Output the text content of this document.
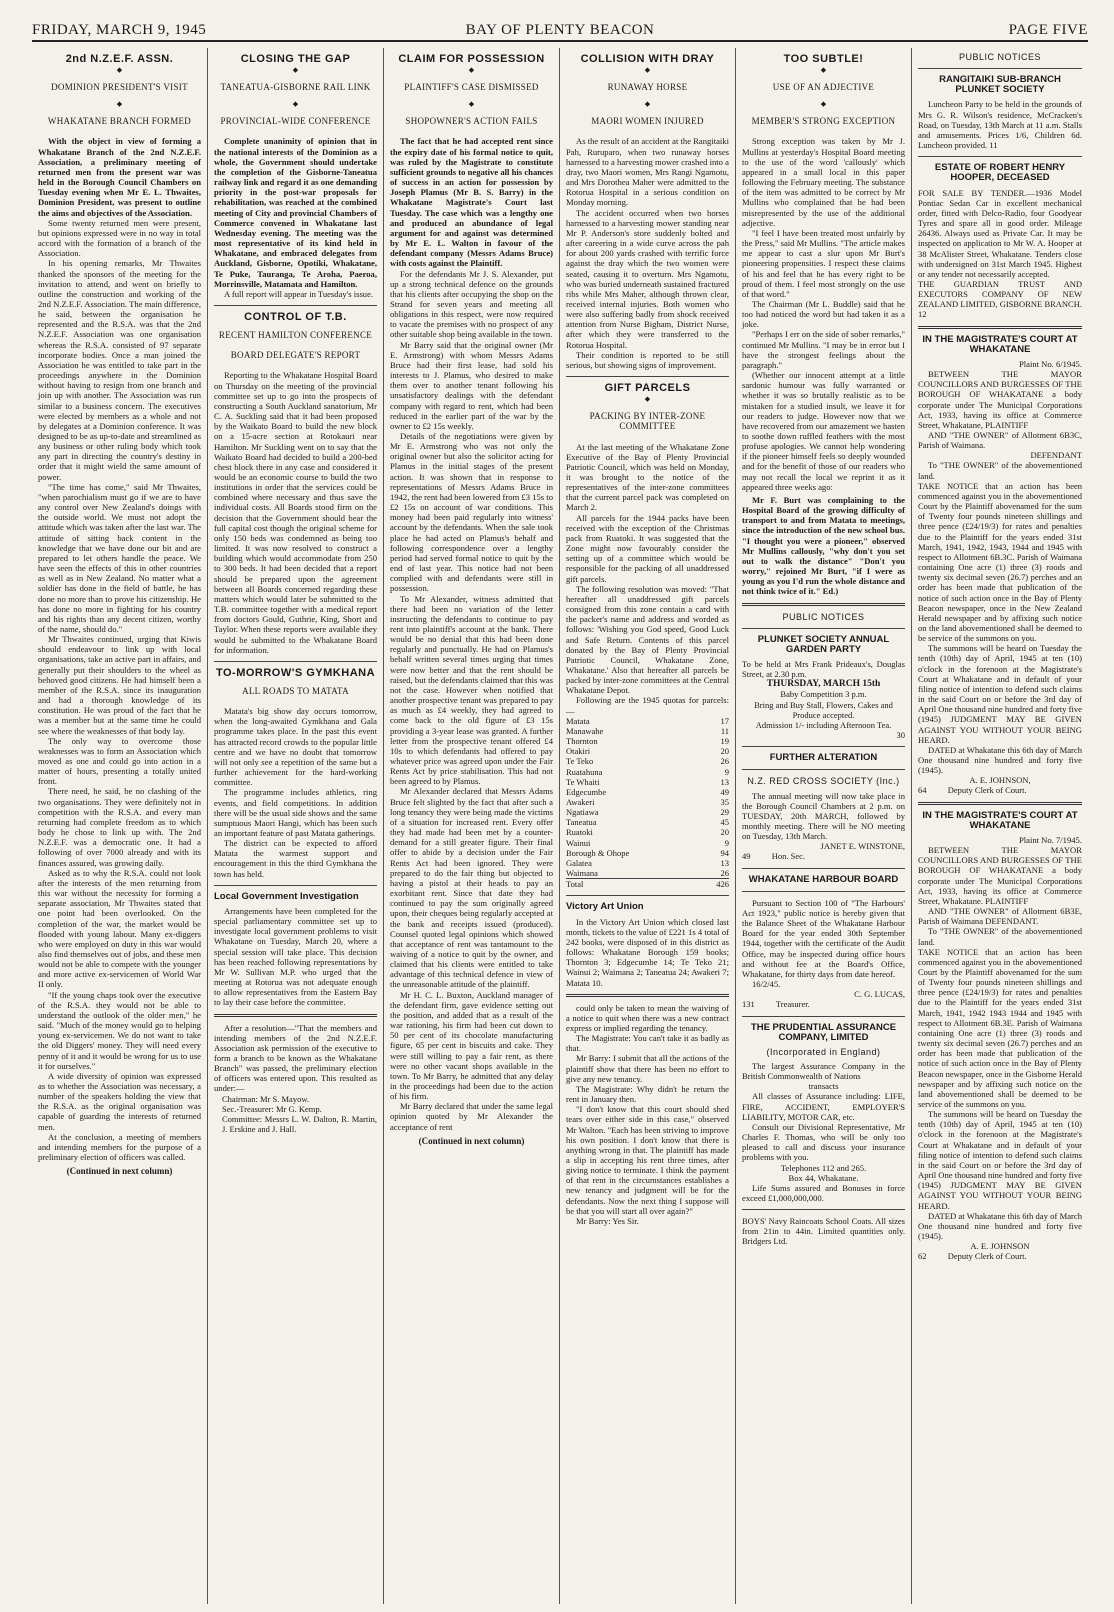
FRIDAY, MARCH 9, 1945	BAY OF PLENTY BEACON	PAGE FIVE
2nd N.Z.E.F. ASSN.
◆
DOMINION PRESIDENT'S VISIT
◆
WHAKATANE BRANCH FORMED

With the object in view of forming a Whakatane Branch of the 2nd N.Z.E.F. Association, a preliminary meeting of returned men from the present war was held in the Borough Council Chambers on Tuesday evening when Mr E. L. Thwaites, Dominion President, was present to outline the aims and objectives of the Association.

Some twenty returned men were present, but opinions expressed were in no way in total accord with the formation of a branch of the Association.

In his opening remarks, Mr Thwaites thanked the sponsors of the meeting for the invitation to attend, and went on briefly to outline the construction and working of the 2nd N.Z.E.F. Association. The main difference, he said, between the organisation he represented and the R.S.A. was that the 2nd N.Z.E.F. Association was one organisation whereas the R.S.A. consisted of 97 separate incorporate bodies. Once a man joined the Association he was entitled to take part in the proceedings anywhere in the Dominion without having to resign from one branch and join up with another. The Association was run similar to a business concern. The executives were elected by members as a whole and not by delegates at a Dominion conference. It was designed to be as up-to-date and streamlined as any business or other ruling body which took any part in directing the country's destiny in order that it might wield the same amount of power.

"The time has come," said Mr Thwaites, "when parochialism must go if we are to have any control over New Zealand's doings with the outside world. We must not adopt the attitude which was taken after the last war. The attitude of sitting back content in the knowledge that we have done our bit and are prepared to let others handle the peace. We have seen the effects of this in other countries as well as in New Zealand. No matter what a soldier has done in the field of battle, he has done no more than to prove his citizenship. He has done no more in fighting for his country and his rights than any decent citizen, worthy of the name, should do."

Mr Thwaites continued, urging that Kiwis should endeavour to link up with local organisations, take an active part in affairs, and generally put their shoulders to the wheel as behoved good citizens. He had himself been a member of the R.S.A. since its inauguration and had a thorough knowledge of its constitution. He was proud of the fact that he was a member but at the same time he could see where the weaknesses of that body lay.

The only way to overcome those weaknesses was to form an Association which moved as one and could go into action in a matter of hours, presenting a totally united front.

There need, he said, be no clashing of the two organisations. They were definitely not in competition with the R.S.A. and every man returning had complete freedom as to which body he chose to link up with. The 2nd N.Z.E.F. was a democratic one. It had a following of over 7000 already and with its finances assured, was growing daily.

Asked as to why the R.S.A. could not look after the interests of the men returning from this war without the necessity for forming a separate association, Mr Thwaites stated that one point had been overlooked. On the completion of the war, the market would be flooded with young labour. Many ex-diggers who were employed on duty in this war would also find themselves out of jobs, and these men would not be able to compete with the younger and more active ex-servicemen of World War II only.

"If the young chaps took over the executive of the R.S.A. they would not be able to understand the outlook of the older men," he said. "Much of the money would go to helping young ex-servicemen. We do not want to take the old Diggers' money. They will need every penny of it and it would be wrong for us to use it for ourselves."

A wide diversity of opinion was expressed as to whether the Association was necessary, a number of the speakers holding the view that the R.S.A. as the original organisation was capable of guarding the interests of returned men.

At the conclusion, a meeting of members and intending members for the purpose of a preliminary election of officers was called.

(Continued in next column)
CLOSING THE GAP
◆
TANEATUA-GISBORNE RAIL LINK
◆
PROVINCIAL-WIDE CONFERENCE

Complete unanimity of opinion that in the national interests of the Dominion as a whole, the Government should undertake the completion of the Gisborne-Taneatua railway link and regard it as one demanding priority in the post-war proposals for rehabilitation, was reached at the combined meeting of City and provincial Chambers of Commerce convened in Whakatane last Wednesday evening. The meeting was the most representative of its kind held in Whakatane, and embraced delegates from Auckland, Gisborne, Opotiki, Whakatane, Te Puke, Tauranga, Te Aroha, Paeroa, Morrinsville, Matamata and Hamilton.

A full report will appear in Tuesday's issue.

CONTROL OF T.B.
RECENT HAMILTON CONFERENCE
BOARD DELEGATE'S REPORT

Reporting to the Whakatane Hospital Board on Thursday on the meeting of the provincial committee set up to go into the prospects of constructing a South Auckland sanatorium, Mr C. A. Suckling said that it had been proposed by the Waikato Board to build the new block on a 15-acre section at Rotokauri near Hamilton. Mr Suckling went on to say that the Waikato Board had decided to build a 200-bed chest block there in any case and considered it would be an economic course to build the two institutions in order that the services could be combined where necessary and thus save the individual costs. All Boards stood firm on the decision that the Government should bear the full capital cost though the original scheme for only 150 beds was condemned as being too limited. It was now resolved to construct a building which would accommodate from 250 to 300 beds. It had been decided that a report should be prepared upon the agreement between all Boards concerned regarding these matters which would later be submitted to the T.B. committee together with a medical report from doctors Gould, Guthrie, King, Short and Taylor. When these reports were available they would be submitted to the Whakatane Board for information.

TO-MORROW'S GYMKHANA
ALL ROADS TO MATATA

Matata's big show day occurs tomorrow, when the long-awaited Gymkhana and Gala programme takes place. In the past this event has attracted record crowds to the popular little centre and we have no doubt that tomorrow will not only see a repetition of the same but a further achievement for the hard-working committee.

The programme includes athletics, ring events, and field competitions. In addition there will be the usual side shows and the same sumptuous Maori Hangi, which has been such an important feature of past Matata gatherings.

The district can be expected to afford Matata the warmest support and encouragement in this the third Gymkhana the town has held.

Local Government Investigation

Arrangements have been completed for the special parliamentary committee set up to investigate local government problems to visit Whakatane on Tuesday, March 20, where a special session will take place. This decision has been reached following representations by Mr W. Sullivan M.P. who urged that the meeting at Rotorua was not adequate enough to allow representatives from the Eastern Bay to lay their case before the committee.

After a resolution—"That the members and intending members of the 2nd N.Z.E.F. Association ask permission of the executive to form a branch to be known as the Whakatane Branch" was passed, the preliminary election of officers was entered upon. This resulted as under:—

Chairman: Mr S. Mayow.

Sec.-Treasurer: Mr G. Kemp.

Committee: Messrs L. W. Dalton, R. Martin, J. Erskine and J. Hall.

CLAIM FOR POSSESSION
◆
PLAINTIFF'S CASE DISMISSED
◆
SHOPOWNER'S ACTION FAILS

The fact that he had accepted rent since the expiry date of his formal notice to quit, was ruled by the Magistrate to constitute sufficient grounds to negative all his chances of success in an action for possession by Joseph Plamus (Mr B. S. Barry) in the Whakatane Magistrate's Court last Tuesday. The case which was a lengthy one and produced an abundance of legal argument for and against was determined by Mr E. L. Walton in favour of the defendant company (Messrs Adams Bruce) with costs against the Plaintiff.

For the defendants Mr J. S. Alexander, put up a strong technical defence on the grounds that his clients after occupying the shop on the Strand for seven years and meeting all obligations in this respect, were now required to vacate the premises with no prospect of any other suitable shop being available in the town.

Mr Barry said that the original owner (Mr E. Armstrong) with whom Messrs Adams Bruce had their first lease, had sold his interests to J. Plamus, who desired to make them over to another tenant following his unsatisfactory dealings with the defendant company with regard to rent, which had been reduced in the earlier part of the war by the owner to £2 15s weekly.

Details of the negotiations were given by Mr E. Armstrong who was not only the original owner but also the solicitor acting for Plamus in the initial stages of the present action. It was shown that in response to representations of Messrs Adams Bruce in 1942, the rent had been lowered from £3 15s to £2 15s on account of war conditions. This money had been paid regularly into witness' account by the defendants. When the sale took place he had acted on Plamus's behalf and following correspondence over a lengthy period had served formal notice to quit by the end of last year. This notice had not been complied with and defendants were still in possession.

To Mr Alexander, witness admitted that there had been no variation of the letter instructing the defendants to continue to pay rent into plaintiff's account at the bank. There would be no denial that this had been done regularly and punctually. He had on Plamus's behalf written several times urging that times were now better and that the rent should be raised, but the defendants claimed that this was not the case. However when notified that another prospective tenant was prepared to pay as much as £4 weekly, they had agreed to come back to the old figure of £3 15s providing a 3-year lease was granted. A further letter from the prospective tenant offered £4 10s to which defendants had offered to pay whatever price was agreed upon under the Fair Rents Act by price stabilisation. This had not been agreed to by Plamus.

Mr Alexander declared that Messrs Adams Bruce felt slighted by the fact that after such a long tenancy they were being made the victims of a situation for increased rent. Every offer they had made had been met by a counter-demand for a still greater figure. Their final offer to abide by a decision under the Fair Rents Act had been ignored. They were prepared to do the fair thing but objected to having a pistol at their heads to pay an exorbitant rent. Since that date they had continued to pay the sum originally agreed upon, their cheques being regularly accepted at the bank and receipts issued (produced). Counsel quoted legal opinions which showed that acceptance of rent was tantamount to the waiving of a notice to quit by the owner, and claimed that his clients were entitled to take advantage of this technical defence in view of the unreasonable attitude of the plaintiff.

Mr H. C. L. Buxton, Auckland manager of the defendant firm, gave evidence setting out the position, and added that as a result of the war rationing, his firm had been cut down to 50 per cent of its chocolate manufacturing figure, 65 per cent in biscuits and cake. They were still willing to pay a fair rent, as there were no other vacant shops available in the town. To Mr Barry, he admitted that any delay in the proceedings had been due to the action of his firm.

Mr Barry declared that under the same legal opinion quoted by Mr Alexander the acceptance of rent

(Continued in next column)
COLLISION WITH DRAY
◆
RUNAWAY HORSE
◆
MAORI WOMEN INJURED

As the result of an accident at the Rangitaiki Pah, Ruruparo, when two runaway horses harnessed to a harvesting mower crashed into a dray, two Maori women, Mrs Rangi Ngamotu, and Mrs Dorothea Maher were admitted to the Rotorua Hospital in a serious condition on Monday morning.

The accident occurred when two horses harnessed to a harvesting mower standing near Mr P. Anderson's store suddenly bolted and after careering in a wide curve across the pah for about 200 yards crashed with terrific force against the dray which the two women were seated, causing it to overturn. Mrs Ngamotu, who was buried underneath sustained fractured ribs while Mrs Maher, although thrown clear, received internal injuries. Both women who were also suffering badly from shock received attention from Nurse Bigham, District Nurse, after which they were transferred to the Rotorua Hospital.

Their condition is reported to be still serious, but showing signs of improvement.

GIFT PARCELS
◆
PACKING BY INTER-ZONE COMMITTEE

At the last meeting of the Whakatane Zone Executive of the Bay of Plenty Provincial Patriotic Council, which was held on Monday, it was brought to the notice of the representatives of the inter-zone committees that the current parcel pack was completed on March 2.

All parcels for the 1944 packs have been received with the exception of the Christmas pack from Ruatoki. It was suggested that the Zone might now favourably consider the setting up of a committee which would be responsible for the packing of all unaddressed gift parcels.

The following resolution was moved: "That hereafter all unaddressed gift parcels consigned from this zone contain a card with the packer's name and address and worded as follows: 'Wishing you God speed, Good Luck and Safe Return. Contents of this parcel donated by the Bay of Plenty Provincial Patriotic Council, Whakatane Zone, Whakatane.' Also that hereafter all parcels be packed by inter-zone committees at the Central Whakatane Depot.

Following are the 1945 quotas for parcels:—

Matata	17
Manawahe	11
Thornton	19
Otakiri	20
Te Teko	26
Ruatahuna	9
Te Whaiti	13
Edgecumbe	49
Awakeri	35
Ngatiawa	29
Taneatua	45
Ruatoki	20
Wainui	9
Borough & Ohope	94
Galatea	13
Waimana	26
Total	426
Victory Art Union

In the Victory Art Union which closed last month, tickets to the value of £221 1s 4 total of 242 books, were disposed of in this district as follows: Whakatane Borough 159 books; Thornton 3; Edgecumbe 14; Te Teko 21; Wainui 2; Waimana 2; Taneatua 24; Awakeri 7; Matata 10.

could only be taken to mean the waiving of a notice to quit when there was a new contract express or implied regarding the tenancy.

The Magistrate: You can't take it as badly as that.

Mr Barry: I submit that all the actions of the plaintiff show that there has been no effort to give any new tenancy.

The Magistrate: Why didn't he return the rent in January then.

"I don't know that this court should shed tears over either side in this case," observed Mr Walton. "Each has been striving to improve his own position. I don't know that there is anything wrong in that. The plaintiff has made a slip in accepting his rent three times, after giving notice to terminate. I think the payment of that rent in the circumstances establishes a new tenancy and judgment will be for the defendants. Now the next thing I suppose will be that you will start all over again?"

Mr Barry: Yes Sir.

TOO SUBTLE!
◆
USE OF AN ADJECTIVE
◆
MEMBER'S STRONG EXCEPTION

Strong exception was taken by Mr J. Mullins at yesterday's Hospital Board meeting to the use of the word 'callously' which appeared in a small local in this paper following the February meeting. The substance of the item was admitted to be correct by Mr Mullins who complained that he had been misrepresented by the use of the additional adjective.

"I feel I have been treated most unfairly by the Press," said Mr Mullins. "The article makes me appear to cast a slur upon Mr Burt's pioneering propensities. I respect these claims of his and feel that he has every right to be proud of them. I feel most strongly on the use of that word."

The Chairman (Mr L. Buddle) said that he too had noticed the word but had taken it as a joke.

"Perhaps I err on the side of sober remarks," continued Mr Mullins. "I may be in error but I have the strongest feelings about the paragraph."

(Whether our innocent attempt at a little sardonic humour was fully warranted or whether it was so brutally realistic as to be mistaken for a studied insult, we leave it for our readers to judge. However now that we have recovered from our amazement we hasten to soothe down ruffled feathers with the most profuse apologies. We cannot help wondering if the pioneer himself feels so deeply wounded and for the benefit of those of our readers who may not recall the local we reprint it as it appeared three weeks ago:

Mr F. Burt was complaining to the Hospital Board of the growing difficulty of transport to and from Matata to meetings, since the introduction of the new school bus. "I thought you were a pioneer," observed Mr Mullins callously, "why don't you set out to walk the distance" "Don't you worry," rejoined Mr Burt, "if I were as young as you I'd run the whole distance and not think twice of it." Ed.)

PUBLIC NOTICES
PLUNKET SOCIETY ANNUAL GARDEN PARTY

To be held at Mrs Frank Prideaux's, Douglas Street, at 2.30 p.m.

THURSDAY, MARCH 15th

Baby Competition 3 p.m.

Bring and Buy Stall, Flowers, Cakes and Produce accepted.

Admission 1/- including Afternoon Tea.

30

FURTHER ALTERATION
N.Z. RED CROSS SOCIETY (Inc.)

The annual meeting will now take place in the Borough Council Chambers at 2 p.m. on TUESDAY, 20th MARCH, followed by monthly meeting. There will be NO meeting on Tuesday, 13th March.

JANET E. WINSTONE,

49          Hon. Sec.

WHAKATANE HARBOUR BOARD

Pursuant to Section 100 of "The Harbours' Act 1923," public notice is hereby given that the Balance Sheet of the Whakatane Harbour Board for the year ended 30th September 1944, together with the certificate of the Audit Office, may be inspected during office hours and without fee at the Board's Office, Whakatane, for thirty days from date hereof.

16/2/45.

C. G. LUCAS,

131          Treasurer.

THE PRUDENTIAL ASSURANCE COMPANY, LIMITED
(Incorporated in England)

The largest Assurance Company in the British Commonwealth of Nations

transacts

All classes of Assurance including: LIFE, FIRE, ACCIDENT, EMPLOYER'S LIABILITY, MOTOR CAR, etc.

Consult our Divisional Representative, Mr Charles F. Thomas, who will be only too pleased to call and discuss your insurance problems with you.

Telephones 112 and 265.

Box 44, Whakatane.

Life Sums assured and Bonuses in force exceed £1,000,000,000.

BOYS' Navy Raincoats School Coats. All sizes from 21in to 44in. Limited quantities only. Bridgers Ltd.

PUBLIC NOTICES
RANGITAIKI SUB-BRANCH PLUNKET SOCIETY

Luncheon Party to be held in the grounds of Mrs G. R. Wilson's residence, McCracken's Road, on Tuesday, 13th March at 11 a.m. Stalls and amusements. Prices 1/6, Children 6d. Luncheon provided. 11

ESTATE OF ROBERT HENRY HOOPER, DECEASED

FOR SALE BY TENDER.—1936 Model Pontiac Sedan Car in excellent mechanical order, fitted with Delco-Radio, four Goodyear Tyres and spare all in good order. Mileage 26436. Always used as Private Car. It may be inspected on application to Mr W. A. Hooper at 38 McAlister Street, Whakatane. Tenders close with undersigned on 31st March 1945. Highest or any tender not necessarily accepted.

THE GUARDIAN TRUST AND EXECUTORS COMPANY OF NEW ZEALAND LIMITED, GISBORNE BRANCH. 12

IN THE MAGISTRATE'S COURT AT WHAKATANE

Plaint No. 6/1945.

BETWEEN THE MAYOR COUNCILLORS AND BURGESSES OF THE BOROUGH OF WHAKATANE a body corporate under The Municipal Corporations Act, 1933, having its office at Commerce Street, Whakatane, PLAINTIFF

AND "THE OWNER" of Allotment 6B3C, Parish of Waimana.

DEFENDANT

To "THE OWNER" of the abovementioned land.

TAKE NOTICE that an action has been commenced against you in the abovementioned Court by the Plaintiff abovenamed for the sum of Twenty four pounds nineteen shillings and three pence (£24/19/3) for rates and penalties due to the Plaintiff for the years ended 31st March, 1941, 1942, 1943, 1944 and 1945 with respect to Allotment 6B.3C. Parish of Waimana containing One acre (1) three (3) roods and twenty six decimal seven (26.7) perches and an order has been made that publication of the notice of such action once in the Bay of Plenty Beacon newspaper, once in the New Zealand Herald newspaper and by affixing such notice on the land abovementioned shall be deemed to be service of the summons on you.

The summons will be heard on Tuesday the tenth (10th) day of April, 1945 at ten (10) o'clock in the forenoon at the Magistrate's Court at Whakatane and in default of your filing notice of intention to defend such claims in the said Court on or before the 3rd day of April One thousand nine hundred and forty five (1945) JUDGMENT MAY BE GIVEN AGAINST YOU WITHOUT YOUR BEING HEARD.

DATED at Whakatane this 6th day of March One thousand nine hundred and forty five (1945).

A. E. JOHNSON,

64          Deputy Clerk of Court.

IN THE MAGISTRATE'S COURT AT WHAKATANE

Plaint No. 7/1945.

BETWEEN THE MAYOR COUNCILLORS AND BURGESSES OF THE BOROUGH OF WHAKATANE a body corporate under The Municipal Corporations Act, 1933, having its office at Commerce Street, Whakatane. PLAINTIFF

AND "THE OWNER" of Allotment 6B3E, Parish of Waimana DEFENDANT.

To "THE OWNER" of the abovementioned land.

TAKE NOTICE that an action has been commenced against you in the abovementioned Court by the Plaintiff abovenamed for the sum of Twenty four pounds nineteen shillings and three pence (£24/19/3) for rates and penalties due to the Plaintiff for the years ended 31st March, 1941, 1942 1943 1944 and 1945 with respect to Allotment 6B.3E. Parish of Waimana containing One acre (1) three (3) roods and twenty six decimal seven (26.7) perches and an order has been made that publication of the notice of such action once in the Bay of Plenty Beacon newspaper, once in the Gisborne Herald newspaper and by affixing such notice on the land abovementioned shall be deemed to be service of the summons on you.

The summons will be heard on Tuesday the tenth (10th) day of April, 1945 at ten (10) o'clock in the forenoon at the Magistrate's Court at Whakatane and in default of your filing notice of intention to defend such claims in the said Court on or before the 3rd day of April One thousand nine hundred and forty five (1945) JUDGMENT MAY BE GIVEN AGAINST YOU WITHOUT YOUR BEING HEARD.

DATED at Whakatane this 6th day of March One thousand nine hundred and forty five (1945).

A. E. JOHNSON

62          Deputy Clerk of Court.
